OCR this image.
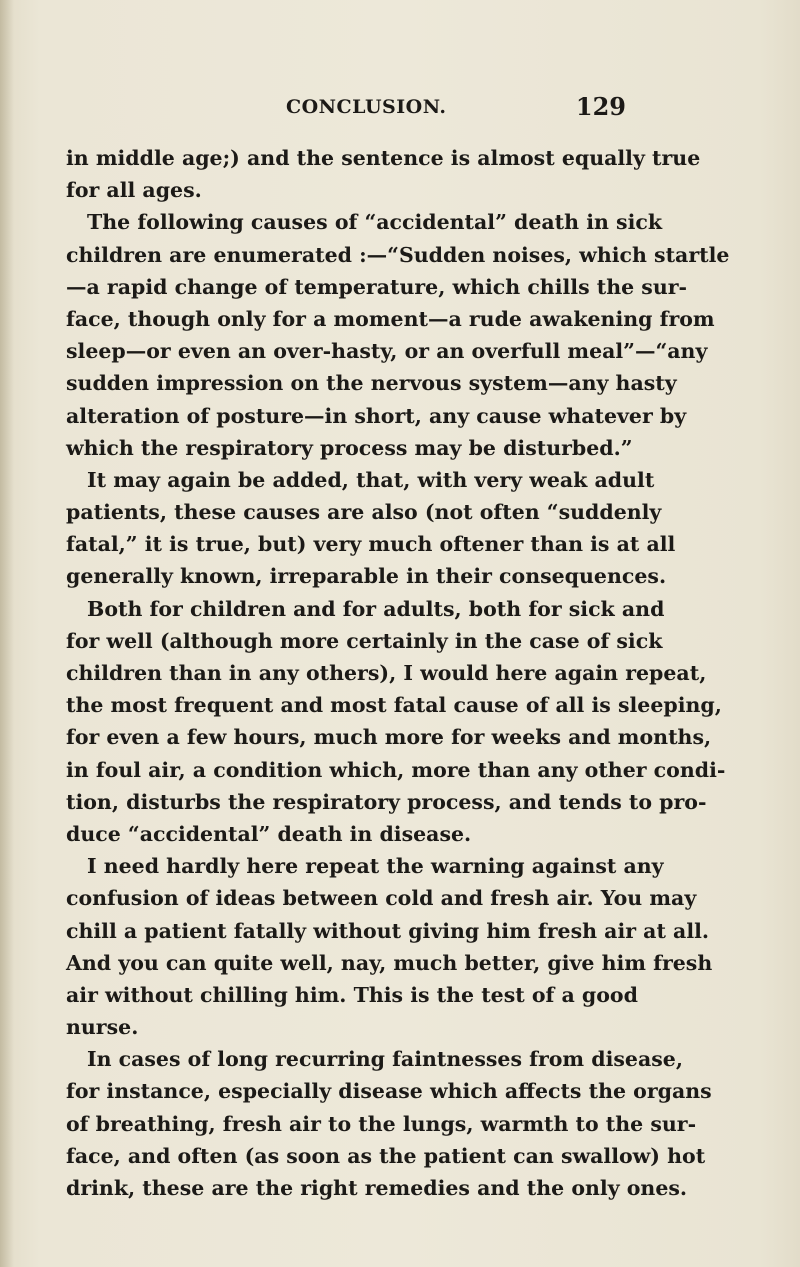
CONCLUSION.	129
in middle age;) and the sentence is almost equally true
for all ages.
The following causes of “accidental” death in sick
children are enumerated :—“Sudden noises, which startle
—a rapid change of temperature, which chills the sur-
face, though only for a moment—a rude awakening from
sleep—or even an over-hasty, or an overfull meal”—“any
sudden impression on the nervous system—any hasty
alteration of posture—in short, any cause whatever by
which the respiratory process may be disturbed.”
It may again be added, that, with very weak adult
patients, these causes are also (not often “suddenly
fatal,” it is true, but) very much oftener than is at all
generally known, irreparable in their consequences.
Both for children and for adults, both for sick and
for well (although more certainly in the case of sick
children than in any others), I would here again repeat,
the most frequent and most fatal cause of all is sleeping,
for even a few hours, much more for weeks and months,
in foul air, a condition which, more than any other condi-
tion, disturbs the respiratory process, and tends to pro-
duce “accidental” death in disease.
I need hardly here repeat the warning against any
confusion of ideas between cold and fresh air. You may
chill a patient fatally without giving him fresh air at all.
And you can quite well, nay, much better, give him fresh
air without chilling him. This is the test of a good
nurse.
In cases of long recurring faintnesses from disease,
for instance, especially disease which affects the organs
of breathing, fresh air to the lungs, warmth to the sur-
face, and often (as soon as the patient can swallow) hot
drink, these are the right remedies and the only ones.
